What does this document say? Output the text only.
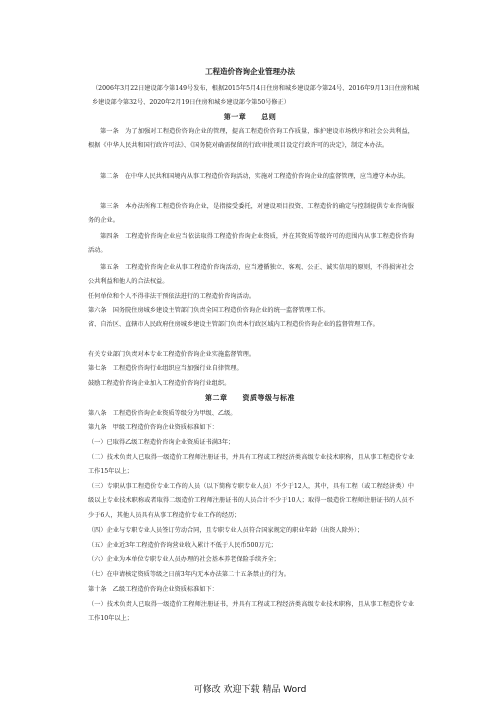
工程造价咨询企业管理办法
（2006年3月22日建设部令第149号发布，根据2015年5月4日住房和城乡建设部令第24号、2016年9月13日住房和城乡建设部令第32号、2020年2月19日住房和城乡建设部令第50号修正）
第一章　　总则
第一条　为了加强对工程造价咨询企业的管理，提高工程造价咨询工作质量，维护建设市场秩序和社会公共利益，根据《中华人民共和国行政许可法》、《国务院对确需保留的行政审批项目设定行政许可的决定》，制定本办法。
第二条　在中华人民共和国境内从事工程造价咨询活动，实施对工程造价咨询企业的监督管理，应当遵守本办法。
第三条　本办法所称工程造价咨询企业，是指接受委托，对建设项目投资、工程造价的确定与控制提供专业咨询服务的企业。
第四条　工程造价咨询企业应当依法取得工程造价咨询企业资质，并在其资质等级许可的范围内从事工程造价咨询活动。
第五条　工程造价咨询企业从事工程造价咨询活动，应当遵循独立、客观、公正、诚实信用的原则，不得损害社会公共利益和他人的合法权益。
任何单位和个人不得非法干预依法进行的工程造价咨询活动。
第六条　国务院住房城乡建设主管部门负责全国工程造价咨询企业的统一监督管理工作。
省、自治区、直辖市人民政府住房城乡建设主管部门负责本行政区域内工程造价咨询企业的监督管理工作。
有关专业部门负责对本专业工程造价咨询企业实施监督管理。
第七条　工程造价咨询行业组织应当加强行业自律管理。
鼓励工程造价咨询企业加入工程造价咨询行业组织。
第二章　　资质等级与标准
第八条　工程造价咨询企业资质等级分为甲级、乙级。
第九条　甲级工程造价咨询企业资质标准如下：
（一）已取得乙级工程造价咨询企业资质证书满3年；
（二）技术负责人已取得一级造价工程师注册证书，并具有工程或工程经济类高级专业技术职称，且从事工程造价专业工作15年以上；
（三）专职从事工程造价专业工作的人员（以下简称专职专业人员）不少于12人，其中，具有工程（或工程经济类）中级以上专业技术职称或者取得二级造价工程师注册证书的人员合计不少于10人；取得一级造价工程师注册证书的人员不少于6人，其他人员具有从事工程造价专业工作的经历；
（四）企业与专职专业人员签订劳动合同，且专职专业人员符合国家规定的职业年龄（出资人除外）；
（五）企业近3年工程造价咨询营业收入累计不低于人民币500万元；
（六）企业为本单位专职专业人员办理的社会基本养老保险手续齐全；
（七）在申请核定资质等级之日前3年内无本办法第二十五条禁止的行为。
第十条　乙级工程造价咨询企业资质标准如下：
（一）技术负责人已取得一级造价工程师注册证书，并具有工程或工程经济类高级专业技术职称，且从事工程造价专业工作10年以上；
可修改 欢迎下载 精品 Word
